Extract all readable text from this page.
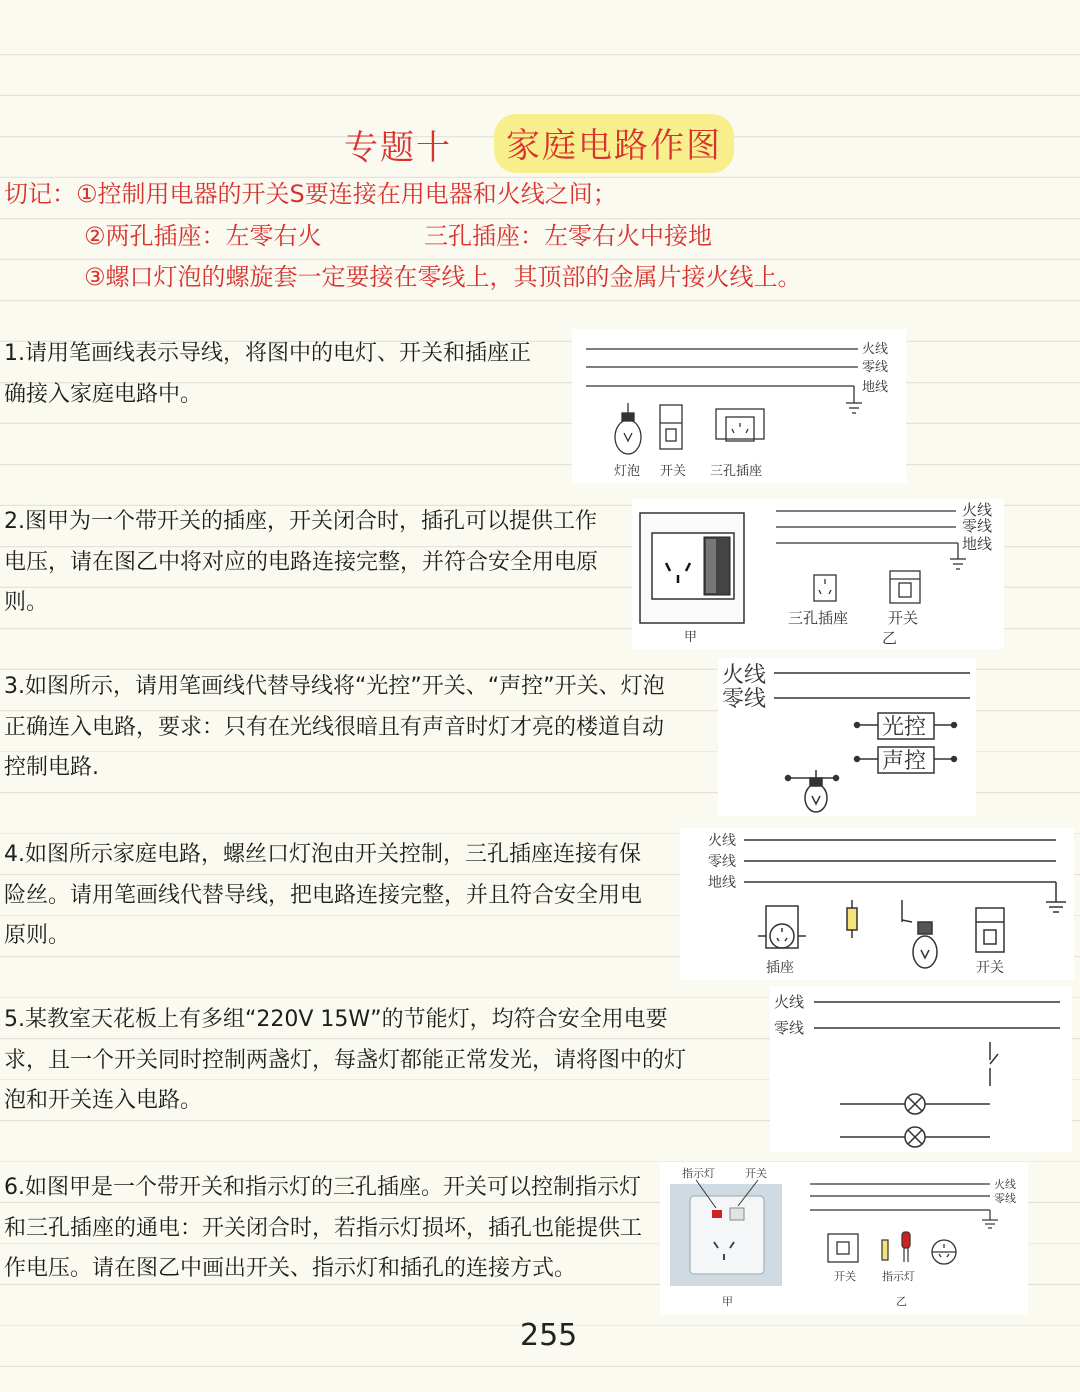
专题十	家庭电路作图
切记：①控制用电器的开关S要连接在用电器和火线之间；
②两孔插座：左零右火	三孔插座：左零右火中接地
③螺口灯泡的螺旋套一定要接在零线上，其顶部的金属片接火线上。
1.请用笔画线表示导线，将图中的电灯、开关和插座正确接入家庭电路中。
火线
零线
地线
灯泡 开关 三孔插座
2.图甲为一个带开关的插座，开关闭合时，插孔可以提供工作电压，请在图乙中将对应的电路连接完整，并符合安全用电原则。
甲
火线
零线
地线
三孔插座	开关
乙
3.如图所示，请用笔画线代替导线将“光控”开关、“声控”开关、灯泡正确连入电路，要求：只有在光线很暗且有声音时灯才亮的楼道自动控制电路.
火线
零线
光控
声控
4.如图所示家庭电路，螺丝口灯泡由开关控制，三孔插座连接有保险丝。请用笔画线代替导线，把电路连接完整，并且符合安全用电原则。
火线
零线
地线
插座	开关
5.某教室天花板上有多组“220V 15W”的节能灯，均符合安全用电要求，且一个开关同时控制两盏灯，每盏灯都能正常发光，请将图中的灯泡和开关连入电路。
火线
零线
6.如图甲是一个带开关和指示灯的三孔插座。开关可以控制指示灯和三孔插座的通电：开关闭合时，若指示灯损坏，插孔也能提供工作电压。请在图乙中画出开关、指示灯和插孔的连接方式。
指示灯	开关
甲
火线
零线
开关 指示灯
乙
255
